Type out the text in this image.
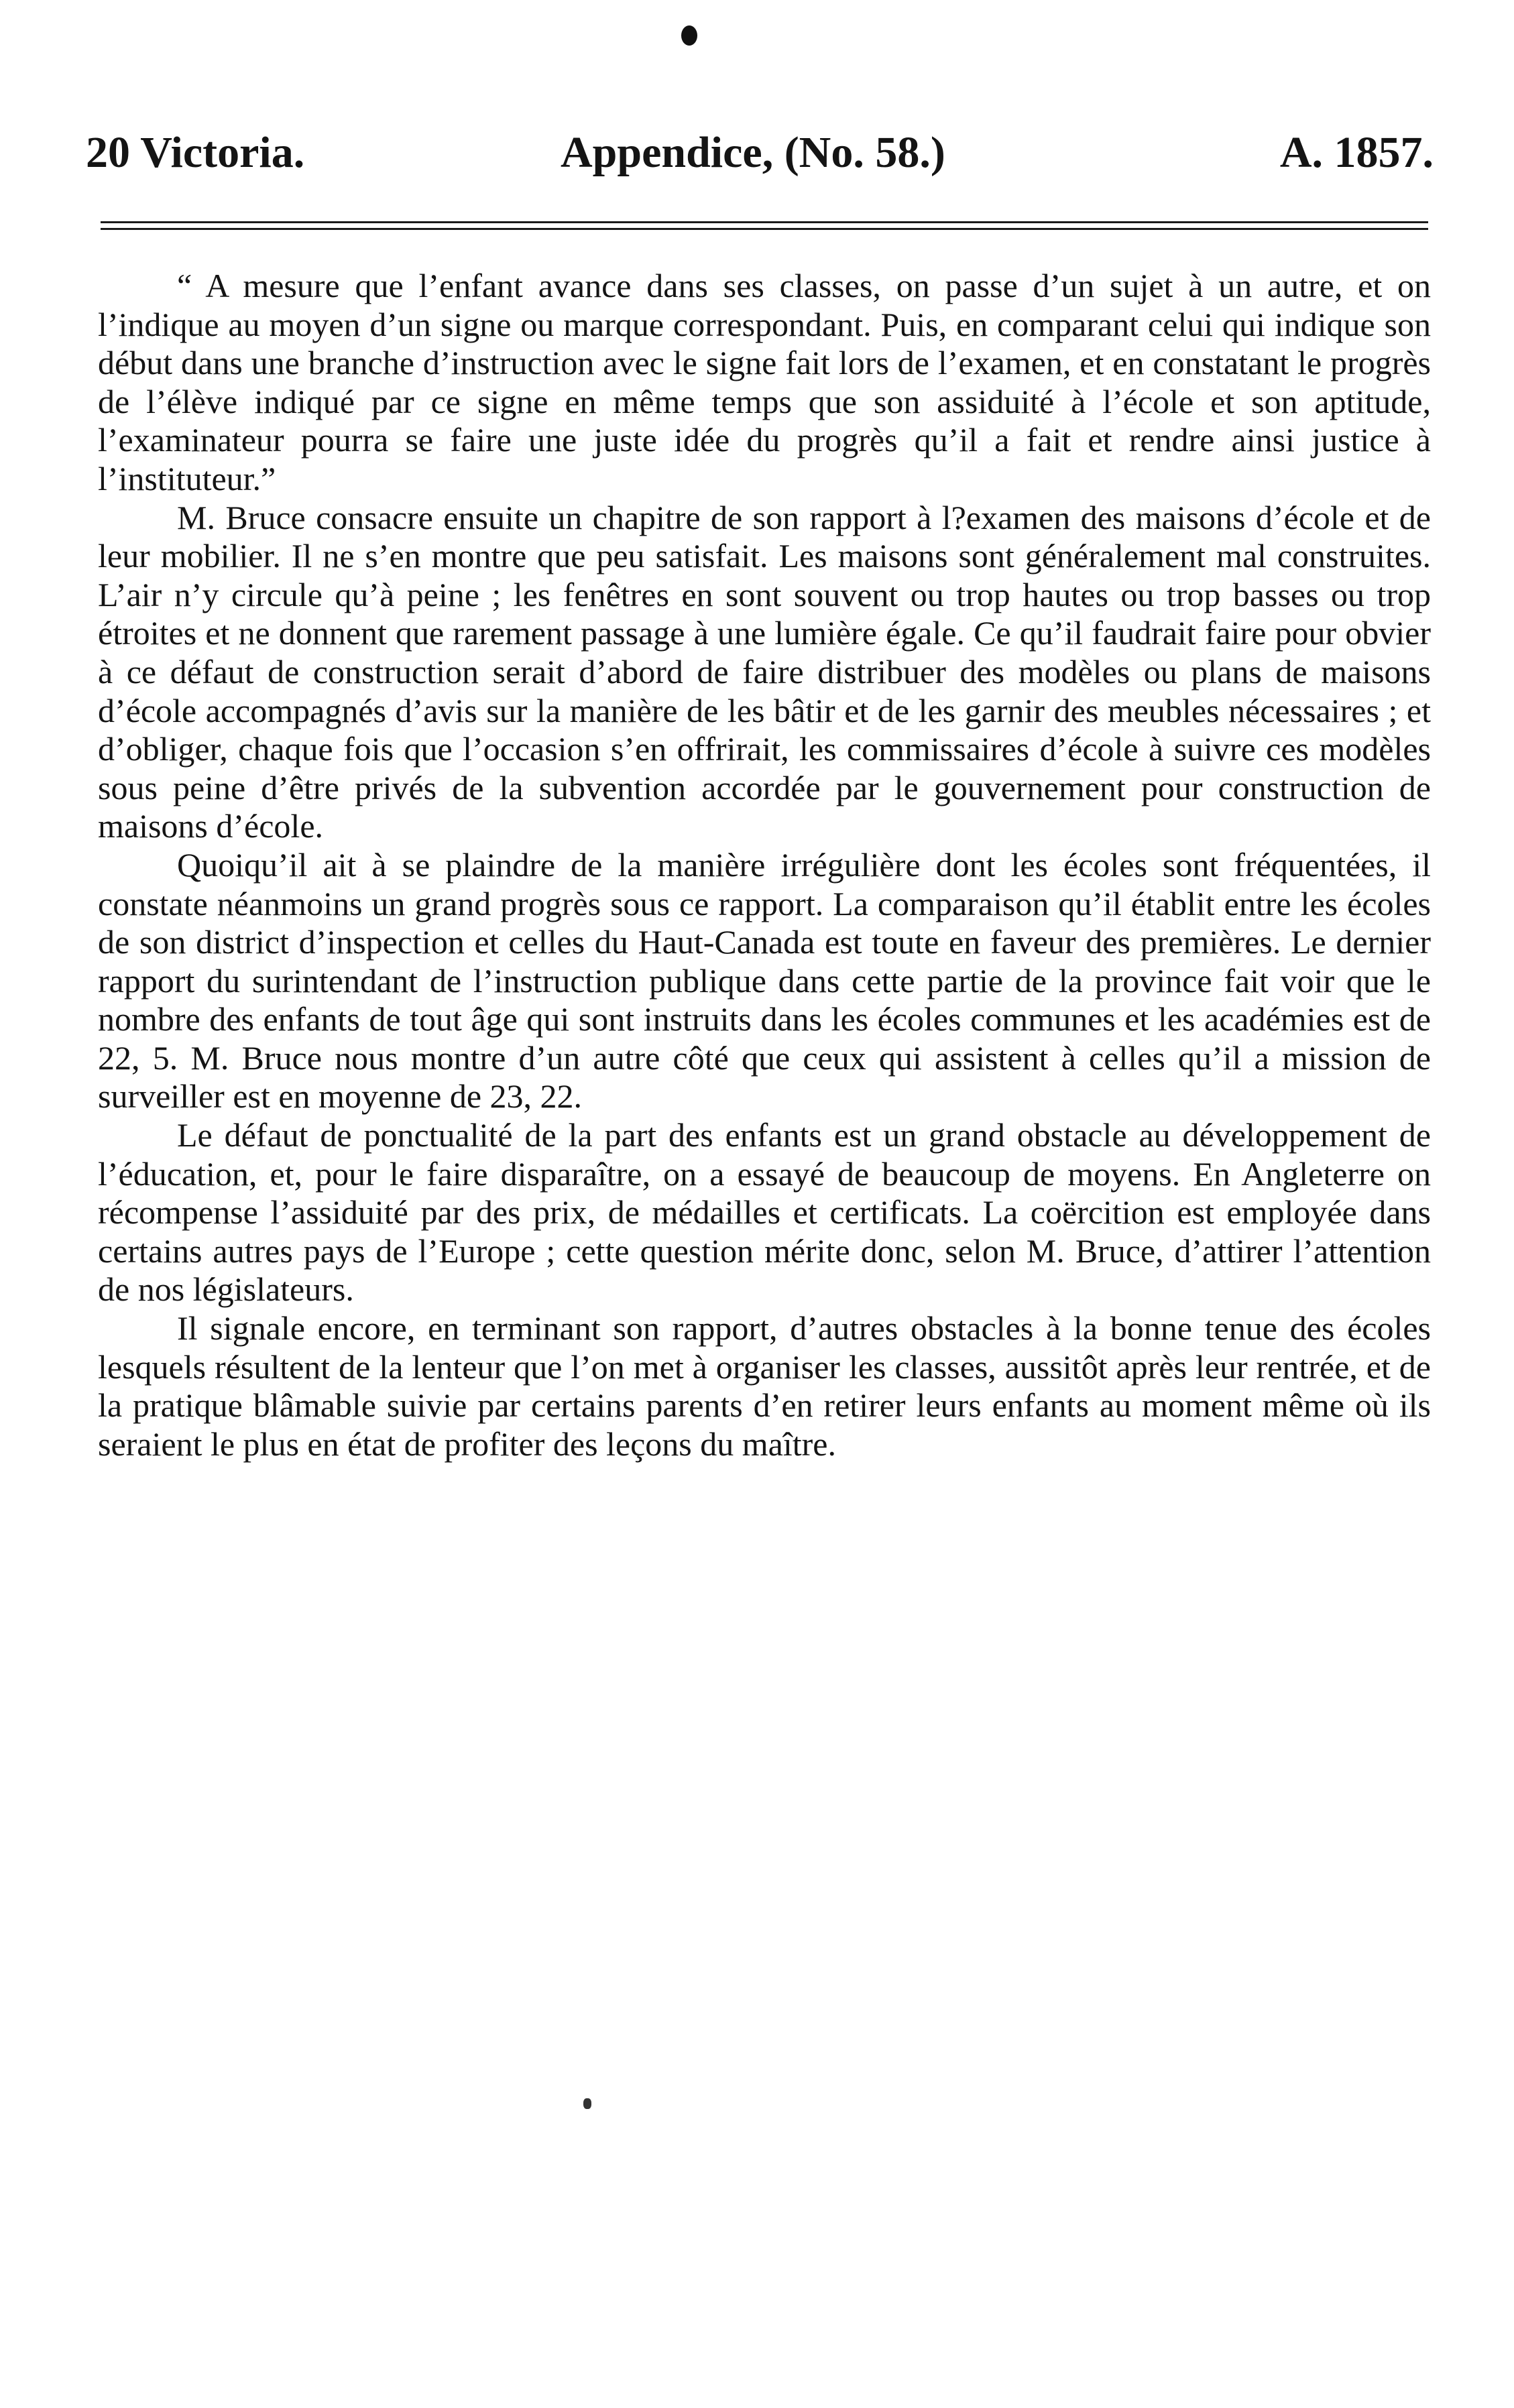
20 Victoria.	Appendice, (No. 58.)	A. 1857.

“ A mesure que l’enfant avance dans ses classes, on passe d’un sujet à un autre, et on l’indique au moyen d’un signe ou marque correspondant. Puis, en comparant celui qui indique son début dans une branche d’instruction avec le signe fait lors de l’examen, et en constatant le progrès de l’élève indiqué par ce signe en même temps que son assiduité à l’école et son aptitude, l’examinateur pourra se faire une juste idée du progrès qu’il a fait et rendre ainsi justice à l’instituteur.”

M. Bruce consacre ensuite un chapitre de son rapport à l?examen des maisons d’école et de leur mobilier. Il ne s’en montre que peu satisfait. Les maisons sont généralement mal construites. L’air n’y circule qu’à peine ; les fenêtres en sont souvent ou trop hautes ou trop basses ou trop étroites et ne donnent que rarement passage à une lumière égale. Ce qu’il faudrait faire pour obvier à ce défaut de construction serait d’abord de faire distribuer des modèles ou plans de maisons d’école accompagnés d’avis sur la manière de les bâtir et de les garnir des meubles nécessaires ; et d’obliger, chaque fois que l’occasion s’en offrirait, les commissaires d’école à suivre ces modèles sous peine d’être privés de la subvention accordée par le gouvernement pour construction de maisons d’école.

Quoiqu’il ait à se plaindre de la manière irrégulière dont les écoles sont fréquentées, il constate néanmoins un grand progrès sous ce rapport. La comparaison qu’il établit entre les écoles de son district d’inspection et celles du Haut-Canada est toute en faveur des premières. Le dernier rapport du surintendant de l’instruction publique dans cette partie de la province fait voir que le nombre des enfants de tout âge qui sont instruits dans les écoles communes et les académies est de 22, 5. M. Bruce nous montre d’un autre côté que ceux qui assistent à celles qu’il a mission de surveiller est en moyenne de 23, 22.

Le défaut de ponctualité de la part des enfants est un grand obstacle au développement de l’éducation, et, pour le faire disparaître, on a essayé de beaucoup de moyens. En Angleterre on récompense l’assiduité par des prix, de médailles et certificats. La coërcition est employée dans certains autres pays de l’Europe ; cette question mérite donc, selon M. Bruce, d’attirer l’attention de nos législateurs.

Il signale encore, en terminant son rapport, d’autres obstacles à la bonne tenue des écoles lesquels résultent de la lenteur que l’on met à organiser les classes, aussitôt après leur rentrée, et de la pratique blâmable suivie par certains parents d’en retirer leurs enfants au moment même où ils seraient le plus en état de profiter des leçons du maître.
